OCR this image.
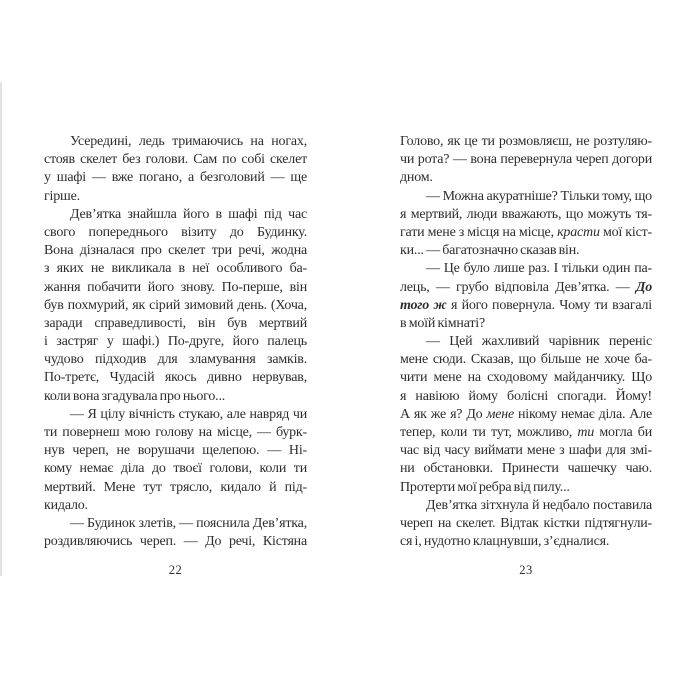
Усередині, ледь тримаючись на ногах,
стояв скелет без голови. Сам по собі скелет
у шафі — вже погано, а безголовий — ще
гірше.
Дев’ятка знайшла його в шафі під час
свого попереднього візиту до Будинку.
Вона дізналася про скелет три речі, жодна
з яких не викликала в неї особливого ба-
жання побачити його знову. По-перше, він
був похмурий, як сірий зимовий день. (Хоча,
заради справедливості, він був мертвий
і застряг у шафі.) По-друге, його палець
чудово підходив для зламування замків.
По-третє, Чудасій якось дивно нервував,
коли вона згадувала про нього...
— Я цілу вічність стукаю, але навряд чи
ти повернеш мою голову на місце, — бурк-
нув череп, не ворушачи щелепою. — Ні-
кому немає діла до твоєї голови, коли ти
мертвий. Мене тут трясло, кидало й під-
кидало.
— Будинок злетів, — пояснила Дев’ятка,
роздивляючись череп. — До речі, Кістяна
Голово, як це ти розмовляєш, не розтуляю-
чи рота? — вона перевернула череп догори
дном.
— Можна акуратніше? Тільки тому, що
я мертвий, люди вважають, що можуть тя-
гати мене з місця на місце, красти мої кіст-
ки... — багатозначно сказав він.
— Це було лише раз. І тільки один па-
лець, — грубо відповіла Дев’ятка. — До
того ж я його повернула. Чому ти взагалі
в моїй кімнаті?
— Цей жахливий чарівник переніс
мене сюди. Сказав, що більше не хоче ба-
чити мене на сходовому майданчику. Що
я навіюю йому болісні спогади. Йому!
А як же я? До мене нікому немає діла. Але
тепер, коли ти тут, можливо, ти могла би
час від часу виймати мене з шафи для змі-
ни обстановки. Принести чашечку чаю.
Протерти мої ребра від пилу...
Дев’ятка зітхнула й недбало поставила
череп на скелет. Відтак кістки підтягнули-
ся і, нудотно клацнувши, з’єдналися.
22	23
